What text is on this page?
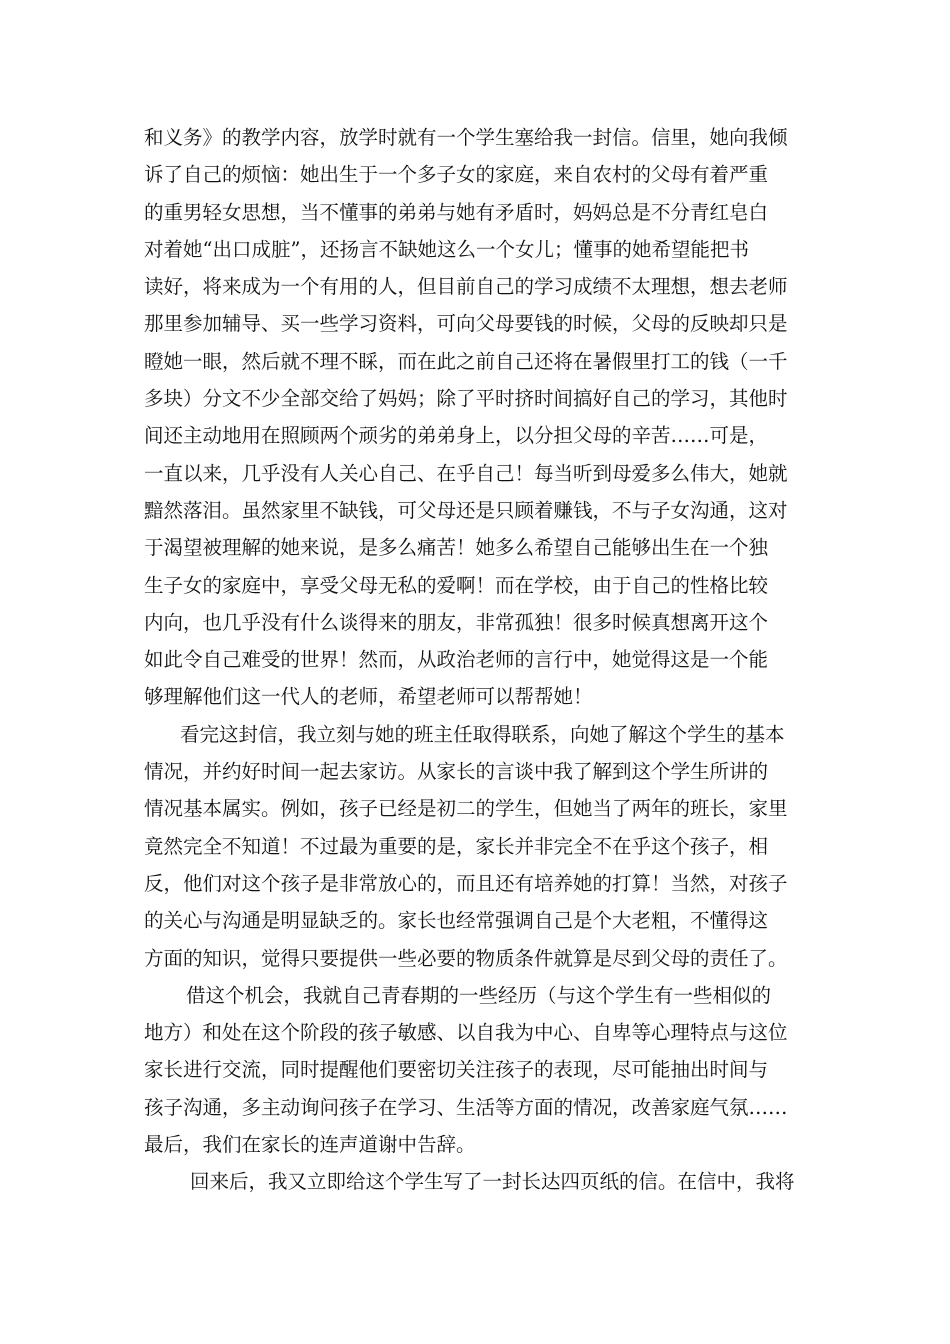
和义务》的教学内容，放学时就有一个学生塞给我一封信。信里，她向我倾
诉了自己的烦恼：她出生于一个多子女的家庭，来自农村的父母有着严重
的重男轻女思想，当不懂事的弟弟与她有矛盾时，妈妈总是不分青红皂白
对着她“出口成脏”，还扬言不缺她这么一个女儿；懂事的她希望能把书
读好，将来成为一个有用的人，但目前自己的学习成绩不太理想，想去老师
那里参加辅导、买一些学习资料，可向父母要钱的时候，父母的反映却只是
瞪她一眼，然后就不理不睬，而在此之前自己还将在暑假里打工的钱（一千
多块）分文不少全部交给了妈妈；除了平时挤时间搞好自己的学习，其他时
间还主动地用在照顾两个顽劣的弟弟身上，以分担父母的辛苦……可是，
一直以来，几乎没有人关心自己、在乎自己！每当听到母爱多么伟大，她就
黯然落泪。虽然家里不缺钱，可父母还是只顾着赚钱，不与子女沟通，这对
于渴望被理解的她来说，是多么痛苦！她多么希望自己能够出生在一个独
生子女的家庭中，享受父母无私的爱啊！而在学校，由于自己的性格比较
内向，也几乎没有什么谈得来的朋友，非常孤独！很多时候真想离开这个
如此令自己难受的世界！然而，从政治老师的言行中，她觉得这是一个能
够理解他们这一代人的老师，希望老师可以帮帮她！
看完这封信，我立刻与她的班主任取得联系，向她了解这个学生的基本
情况，并约好时间一起去家访。从家长的言谈中我了解到这个学生所讲的
情况基本属实。例如，孩子已经是初二的学生，但她当了两年的班长，家里
竟然完全不知道！不过最为重要的是，家长并非完全不在乎这个孩子，相
反，他们对这个孩子是非常放心的，而且还有培养她的打算！当然，对孩子
的关心与沟通是明显缺乏的。家长也经常强调自己是个大老粗，不懂得这
方面的知识，觉得只要提供一些必要的物质条件就算是尽到父母的责任了。
借这个机会，我就自己青春期的一些经历（与这个学生有一些相似的
地方）和处在这个阶段的孩子敏感、以自我为中心、自卑等心理特点与这位
家长进行交流，同时提醒他们要密切关注孩子的表现，尽可能抽出时间与
孩子沟通，多主动询问孩子在学习、生活等方面的情况，改善家庭气氛……
最后，我们在家长的连声道谢中告辞。
回来后，我又立即给这个学生写了一封长达四页纸的信。在信中，我将
